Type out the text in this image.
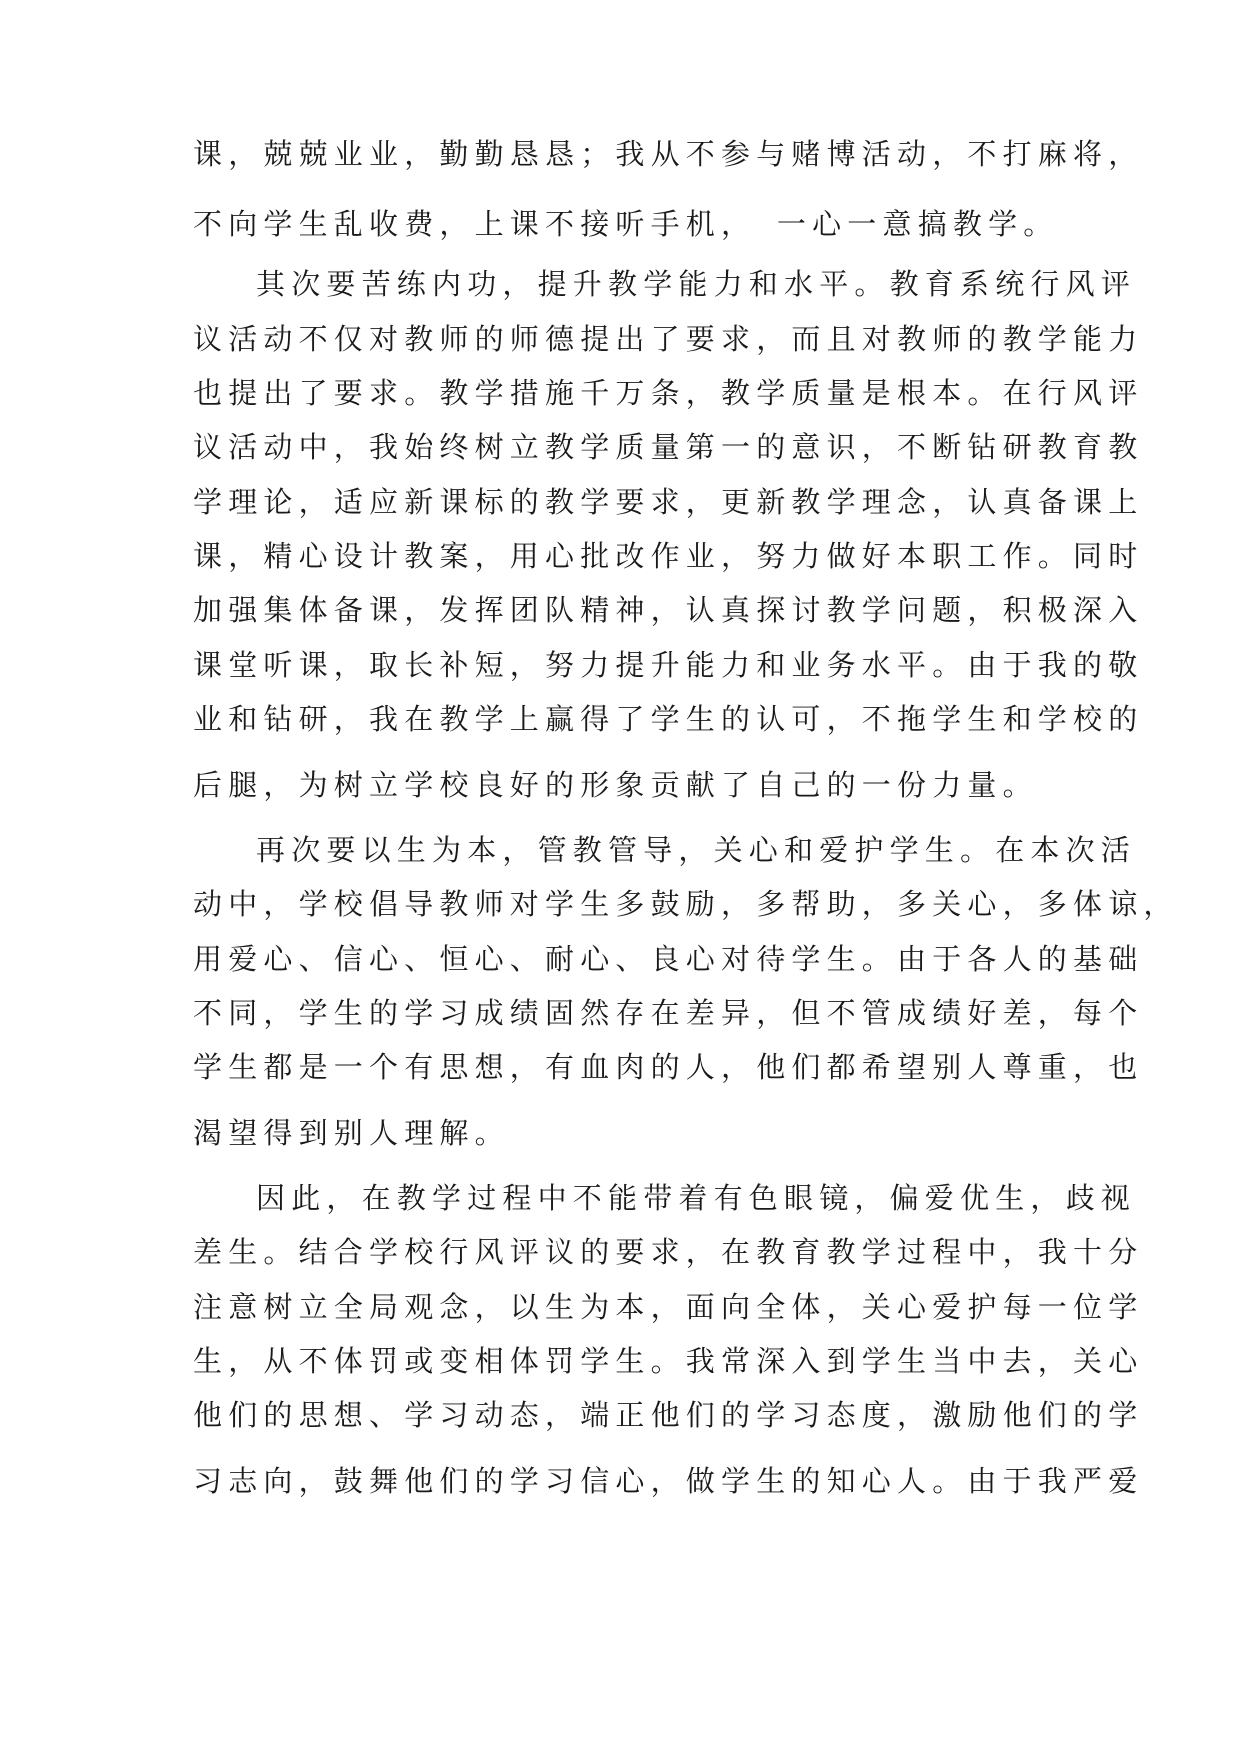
课，兢兢业业，勤勤恳恳；我从不参与赌博活动，不打麻将，

不向学生乱收费，上课不接听手机，　一心一意搞教学。

其次要苦练内功，提升教学能力和水平。教育系统行风评

议活动不仅对教师的师德提出了要求，而且对教师的教学能力

也提出了要求。教学措施千万条，教学质量是根本。在行风评

议活动中，我始终树立教学质量第一的意识，不断钻研教育教

学理论，适应新课标的教学要求，更新教学理念，认真备课上

课，精心设计教案，用心批改作业，努力做好本职工作。同时

加强集体备课，发挥团队精神，认真探讨教学问题，积极深入

课堂听课，取长补短，努力提升能力和业务水平。由于我的敬

业和钻研，我在教学上赢得了学生的认可，不拖学生和学校的

后腿，为树立学校良好的形象贡献了自己的一份力量。

再次要以生为本，管教管导，关心和爱护学生。在本次活

动中，学校倡导教师对学生多鼓励，多帮助，多关心，多体谅，

用爱心、信心、恒心、耐心、良心对待学生。由于各人的基础

不同，学生的学习成绩固然存在差异，但不管成绩好差，每个

学生都是一个有思想，有血肉的人，他们都希望别人尊重，也

渴望得到别人理解。

因此，在教学过程中不能带着有色眼镜，偏爱优生，歧视

差生。结合学校行风评议的要求，在教育教学过程中，我十分

注意树立全局观念，以生为本，面向全体，关心爱护每一位学

生，从不体罚或变相体罚学生。我常深入到学生当中去，关心

他们的思想、学习动态，端正他们的学习态度，激励他们的学

习志向，鼓舞他们的学习信心，做学生的知心人。由于我严爱
